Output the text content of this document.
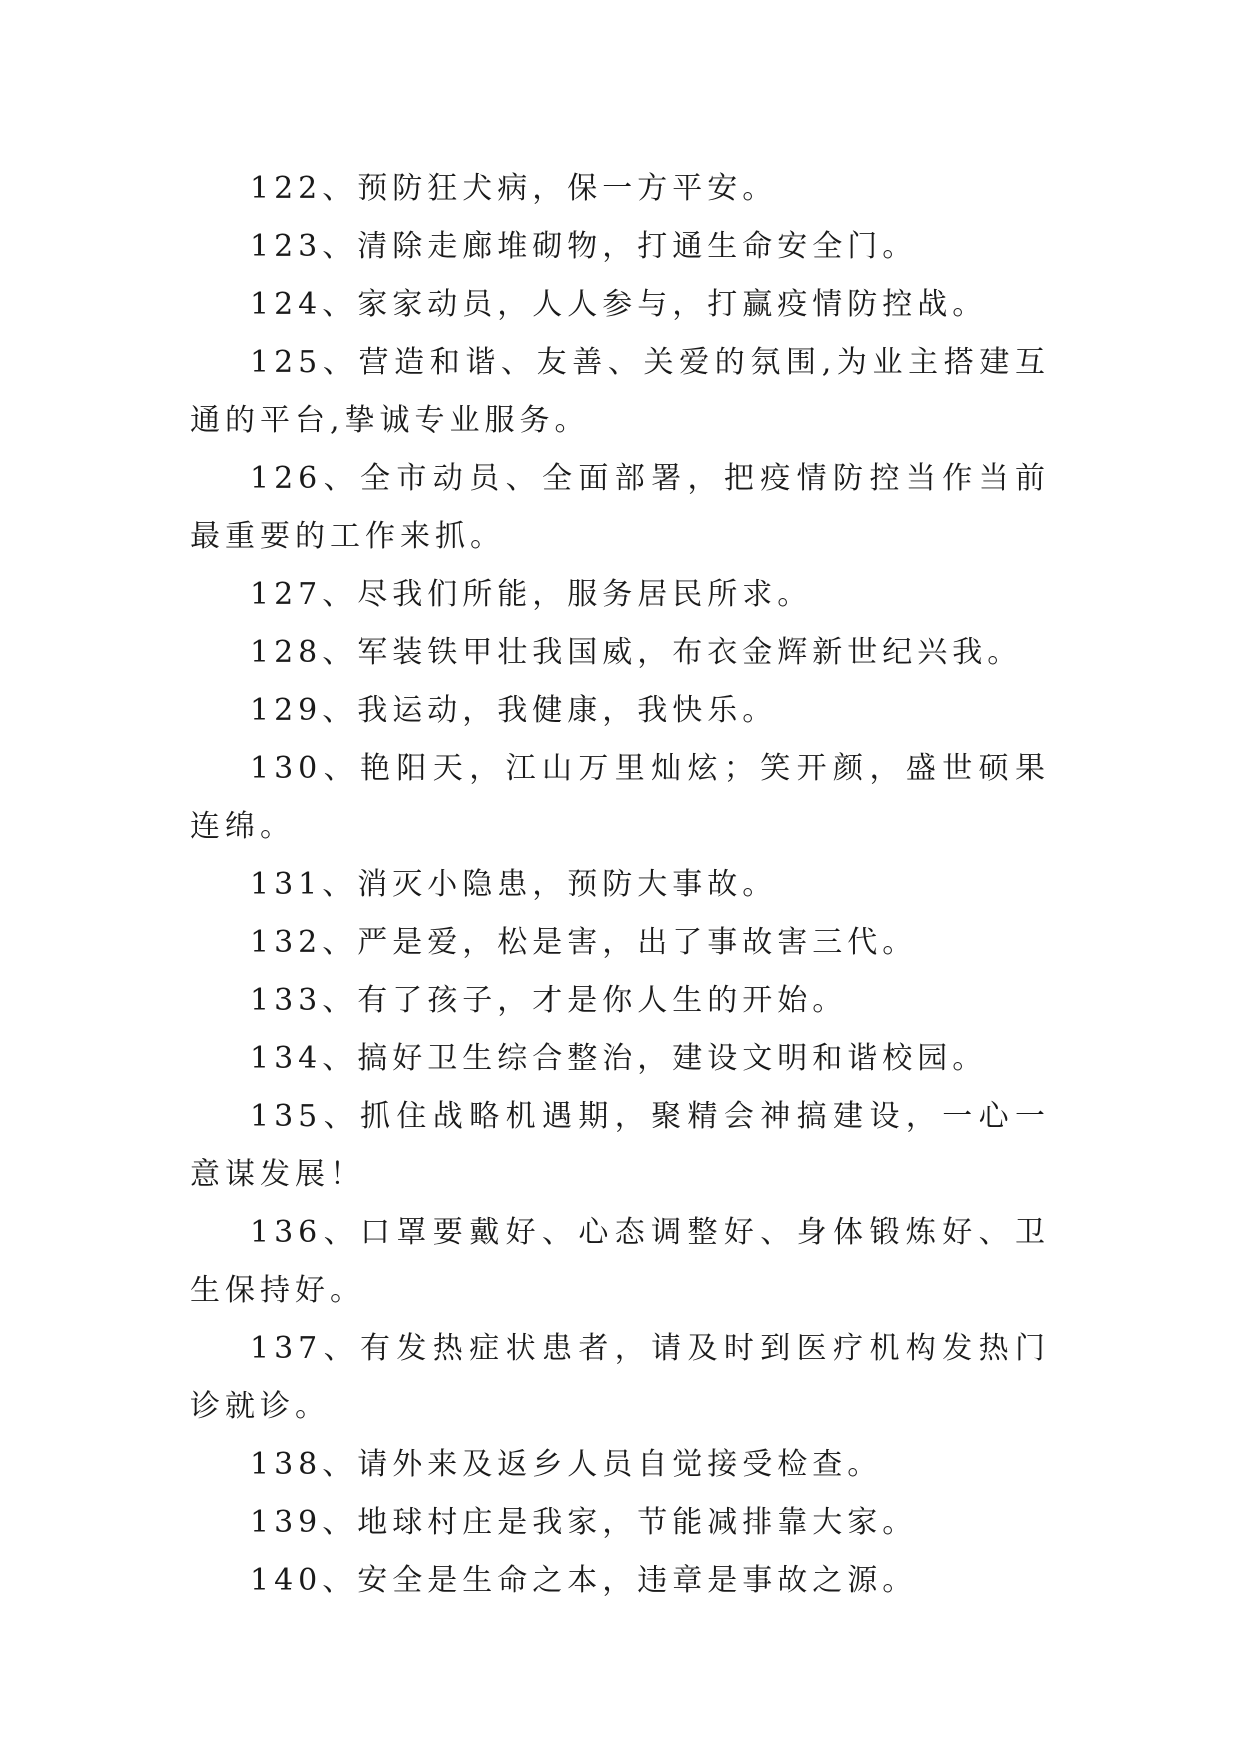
122、预防狂犬病，保一方平安。

123、清除走廊堆砌物，打通生命安全门。

124、家家动员，人人参与，打赢疫情防控战。

125、营造和谐、友善、关爱的氛围,为业主搭建互通的平台,挚诚专业服务。

126、全市动员、全面部署，把疫情防控当作当前最重要的工作来抓。

127、尽我们所能，服务居民所求。

128、军装铁甲壮我国威，布衣金辉新世纪兴我。

129、我运动，我健康，我快乐。

130、艳阳天，江山万里灿炫；笑开颜，盛世硕果连绵。

131、消灭小隐患，预防大事故。

132、严是爱，松是害，出了事故害三代。

133、有了孩子，才是你人生的开始。

134、搞好卫生综合整治，建设文明和谐校园。

135、抓住战略机遇期，聚精会神搞建设，一心一意谋发展！

136、口罩要戴好、心态调整好、身体锻炼好、卫生保持好。

137、有发热症状患者，请及时到医疗机构发热门诊就诊。

138、请外来及返乡人员自觉接受检查。

139、地球村庄是我家，节能减排靠大家。

140、安全是生命之本，违章是事故之源。
